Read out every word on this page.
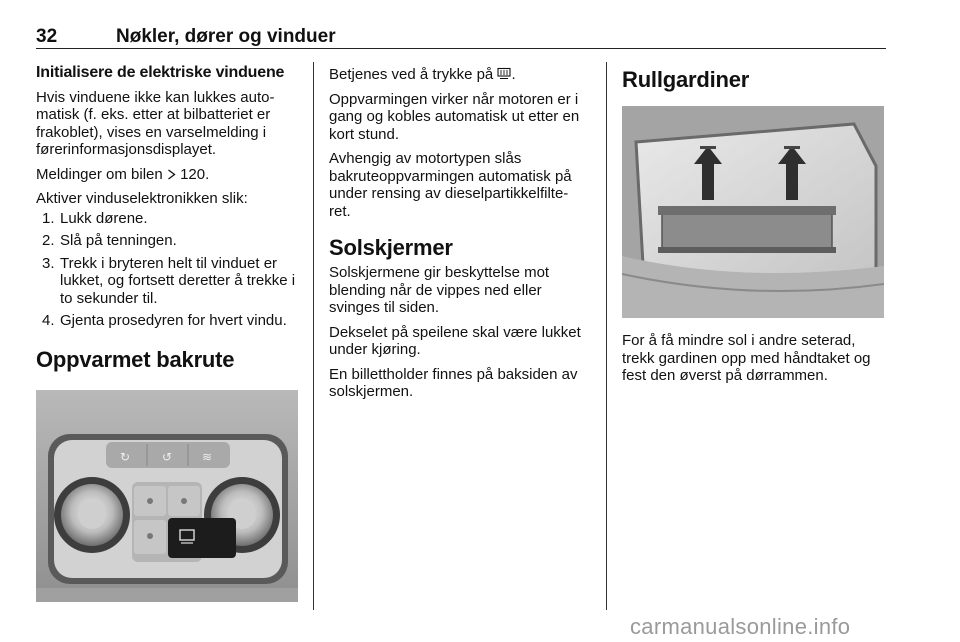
32	Nøkler, dører og vinduer
Initialisere de elektriske vinduene

Hvis vinduene ikke kan lukkes auto- matisk (f. eks. etter at bilbatteriet er frakoblet), vises en varselmelding i førerinformasjonsdisplayet.

Meldinger om bilen 120.

Aktiver vinduselektronikken slik:

1. Lukk dørene.
2. Slå på tenningen.
3. Trekk i bryteren helt til vinduet er lukket, og fortsett deretter å trekke i to sekunder til.
4. Gjenta prosedyren for hvert vindu.
Oppvarmet bakrute
↻	↺ ≋

Betjenes ved å trykke på .

Oppvarmingen virker når motoren er i gang og kobles automatisk ut etter en kort stund.

Avhengig av motortypen slås bakruteoppvarmingen automatisk på under rensing av dieselpartikkelfilte- ret.

Solskjermer

Solskjermene gir beskyttelse mot blending når de vippes ned eller svinges til siden.

Dekselet på speilene skal være lukket under kjøring.

En billettholder finnes på baksiden av solskjermen.

Rullgardiner

For å få mindre sol i andre seterad, trekk gardinen opp med håndtaket og fest den øverst på dørrammen.

carmanualsonline.info
